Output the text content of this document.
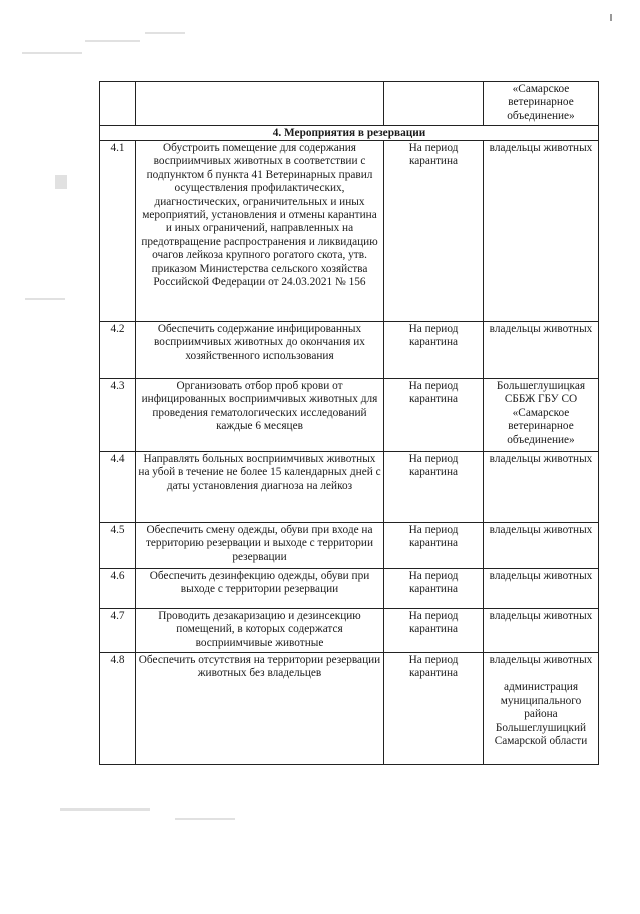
			«Самарское ветеринарное объединение»
4. Мероприятия в резервации			
4.1	Обустроить помещение для содержания восприимчивых животных в соответствии с подпунктом б пункта 41 Ветеринарных правил осуществления профилактических, диагностических, ограничительных и иных мероприятий, установления и отмены карантина и иных ограничений, направленных на предотвращение распространения и ликвидацию очагов лейкоза крупного рогатого скота, утв. приказом Министерства сельского хозяйства Российской Федерации от 24.03.2021 № 156	На период карантина	владельцы животных
4.2	Обеспечить содержание инфицированных восприимчивых животных до окончания их хозяйственного использования	На период карантина	владельцы животных
4.3	Организовать отбор проб крови от инфицированных восприимчивых животных для проведения гематологических исследований каждые 6 месяцев	На период карантина	Большеглушицкая СББЖ ГБУ СО «Самарское ветеринарное объединение»
4.4	Направлять больных восприимчивых животных на убой в течение не более 15 календарных дней с даты установления диагноза на лейкоз	На период карантина	владельцы животных
4.5	Обеспечить смену одежды, обуви при входе на территорию резервации и выходе с территории резервации	На период карантина	владельцы животных
4.6	Обеспечить дезинфекцию одежды, обуви при выходе с территории резервации	На период карантина	владельцы животных
4.7	Проводить дезакаризацию и дезинсекцию помещений, в которых содержатся восприимчивые животные	На период карантина	владельцы животных
4.8	Обеспечить отсутствия на территории резервации животных без владельцев	На период карантина	владельцы животных
администрация муниципального района Большеглушицкий Самарской области
